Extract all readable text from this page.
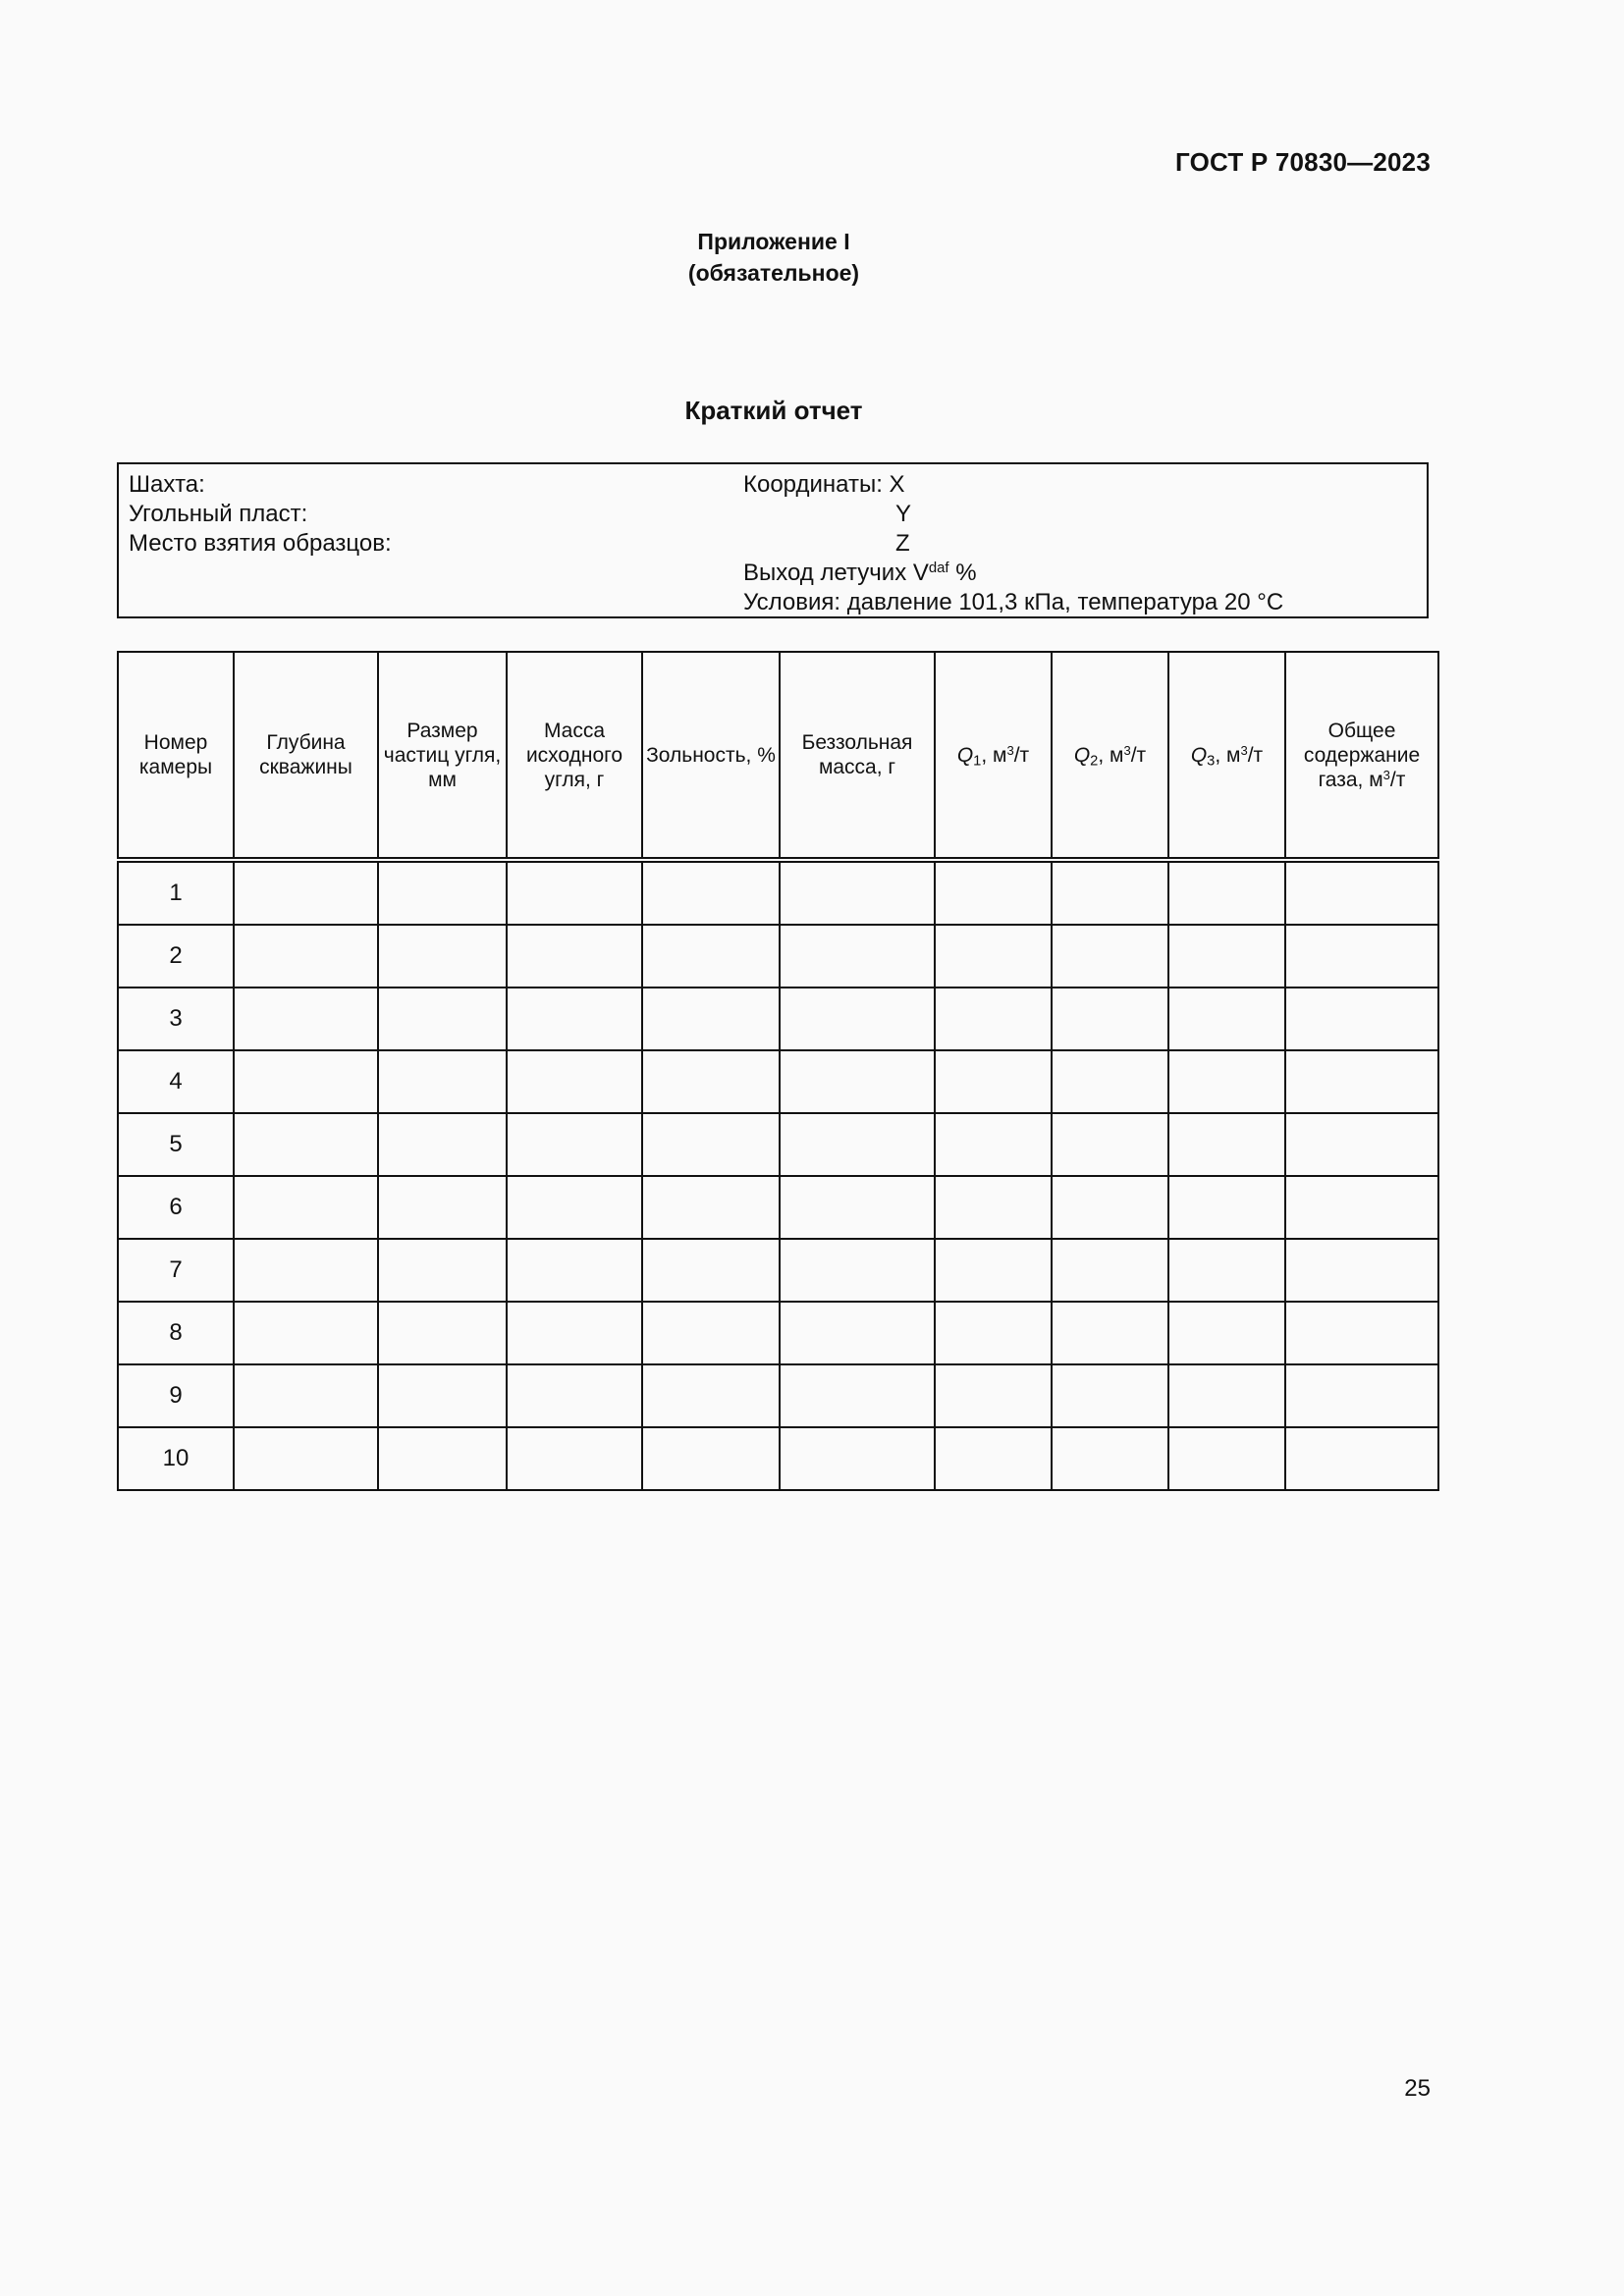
ГОСТ Р 70830—2023
Приложение I
(обязательное)
Краткий отчет
Шахта:
Угольный пласт:
Место взятия образцов:
Координаты: X
Y
Z
Выход летучих $V^{daf}$ %
Условия: давление 101,3 кПа, температура 20 °С
Номер камеры	Глубина скважины	Размер частиц угля, мм	Масса исходного угля, г	Зольность, %	Беззольная масса, г	$Q_1$, $м^3/т$	$Q_2$, $м^3/т$	$Q_3$, $м^3/т$	Общее содержание газа, $м^3/т$
1									
2									
3									
4									
5									
6									
7									
8									
9									
10									
25
